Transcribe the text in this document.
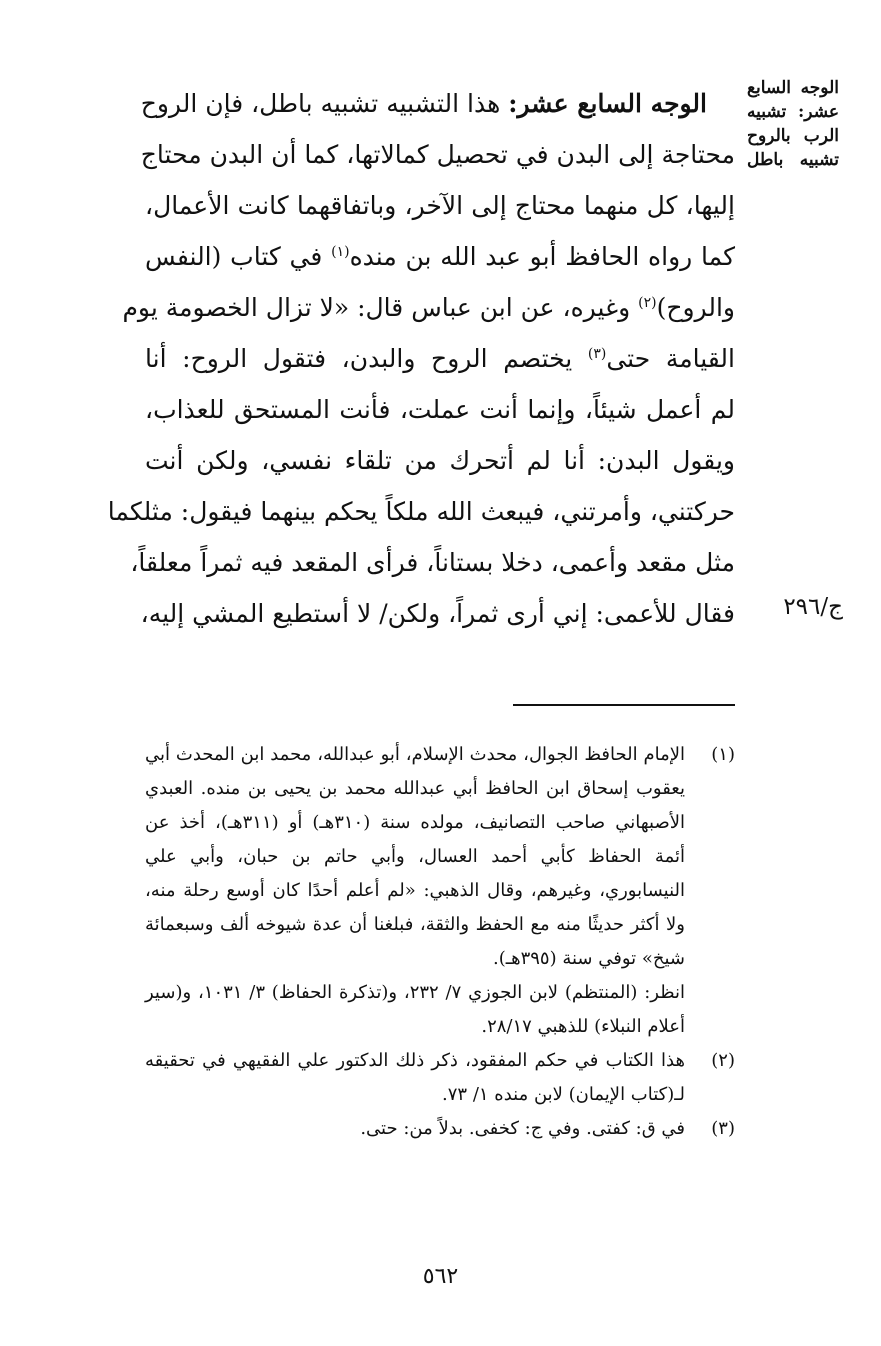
الوجه السابع
عشر: تشبيه
الرب بالروح
تشبيه باطل
ج/٢٩٦
الوجه السابع عشر: هذا التشبيه تشبيه باطل، فإن الروح
محتاجة إلى البدن في تحصيل كمالاتها، كما أن البدن محتاج
إليها، كل منهما محتاج إلى الآخر، وباتفاقهما كانت الأعمال،
كما رواه الحافظ أبو عبد الله بن منده$^{(١)}$ في كتاب (النفس
والروح)$^{(٢)}$ وغيره، عن ابن عباس قال: «لا تزال الخصومة يوم
القيامة حتى$^{(٣)}$ يختصم الروح والبدن، فتقول الروح: أنا
لم أعمل شيئاً، وإنما أنت عملت، فأنت المستحق للعذاب،
ويقول البدن: أنا لم أتحرك من تلقاء نفسي، ولكن أنت
حركتني، وأمرتني، فيبعث الله ملكاً يحكم بينهما فيقول: مثلكما
مثل مقعد وأعمى، دخلا بستاناً، فرأى المقعد فيه ثمراً معلقاً،
فقال للأعمى: إني أرى ثمراً، ولكن/ لا أستطيع المشي إليه،
(١)
الإمام الحافظ الجوال، محدث الإسلام، أبو عبدالله، محمد ابن المحدث أبي
يعقوب إسحاق ابن الحافظ أبي عبدالله محمد بن يحيى بن منده. العبدي
الأصبهاني صاحب التصانيف، مولده سنة (٣١٠هـ) أو (٣١١هـ)، أخذ عن
أئمة الحفاظ كأبي أحمد العسال، وأبي حاتم بن حبان، وأبي علي
النيسابوري، وغيرهم، وقال الذهبي: «لم أعلم أحدًا كان أوسع رحلة منه،
ولا أكثر حديثًا منه مع الحفظ والثقة، فبلغنا أن عدة شيوخه ألف وسبعمائة
شيخ» توفي سنة (٣٩٥هـ).
انظر: (المنتظم) لابن الجوزي ٧/ ٢٣٢، و(تذكرة الحفاظ) ٣/ ١٠٣١، و(سير
أعلام النبلاء) للذهبي ٢٨/١٧.
(٢)
هذا الكتاب في حكم المفقود، ذكر ذلك الدكتور علي الفقيهي في تحقيقه
لـ(كتاب الإيمان) لابن منده ١/ ٧٣.
(٣)
في ق: كفتى. وفي ج: كخفى. بدلاً من: حتى.
٥٦٢
